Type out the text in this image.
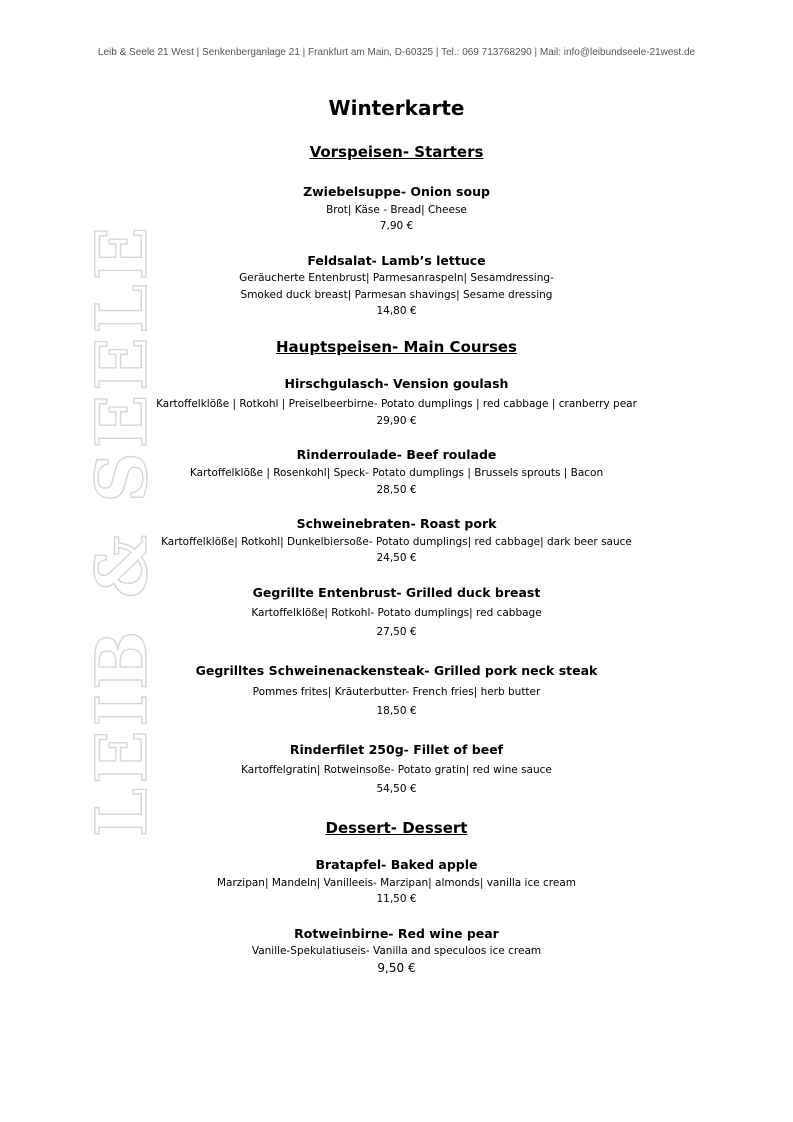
Leib & Seele 21 West | Senkenberganlage 21 | Frankfurt am Main, D-60325 | Tel.: 069 713768290 | Mail: info@leibundseele-21west.de
LEIB & SEELE
Winterkarte
Vorspeisen- Starters
Zwiebelsuppe- Onion soup
Brot| Käse - Bread| Cheese
7,90 €
Feldsalat- Lamb’s lettuce
Geräucherte Entenbrust| Parmesanraspeln| Sesamdressing-
Smoked duck breast| Parmesan shavings| Sesame dressing
14,80 €
Hauptspeisen- Main Courses
Hirschgulasch- Vension goulash
Kartoffelklöße | Rotkohl | Preiselbeerbirne- Potato dumplings | red cabbage | cranberry pear
29,90 €
Rinderroulade- Beef roulade
Kartoffelklöße | Rosenkohl| Speck- Potato dumplings | Brussels sprouts | Bacon
28,50 €
Schweinebraten- Roast pork
Kartoffelklöße| Rotkohl| Dunkelbiersoße- Potato dumplings| red cabbage| dark beer sauce
24,50 €
Gegrillte Entenbrust- Grilled duck breast
Kartoffelklöße| Rotkohl- Potato dumplings| red cabbage
27,50 €
Gegrilltes Schweinenackensteak- Grilled pork neck steak
Pommes frites| Kräuterbutter- French fries| herb butter
18,50 €
Rinderfilet 250g- Fillet of beef
Kartoffelgratin| Rotweinsoße- Potato gratin| red wine sauce
54,50 €
Dessert- Dessert
Bratapfel- Baked apple
Marzipan| Mandeln| Vanilleeis- Marzipan| almonds| vanilla ice cream
11,50 €
Rotweinbirne- Red wine pear
Vanille-Spekulatiuseis- Vanilla and speculoos ice cream
9,50 €
